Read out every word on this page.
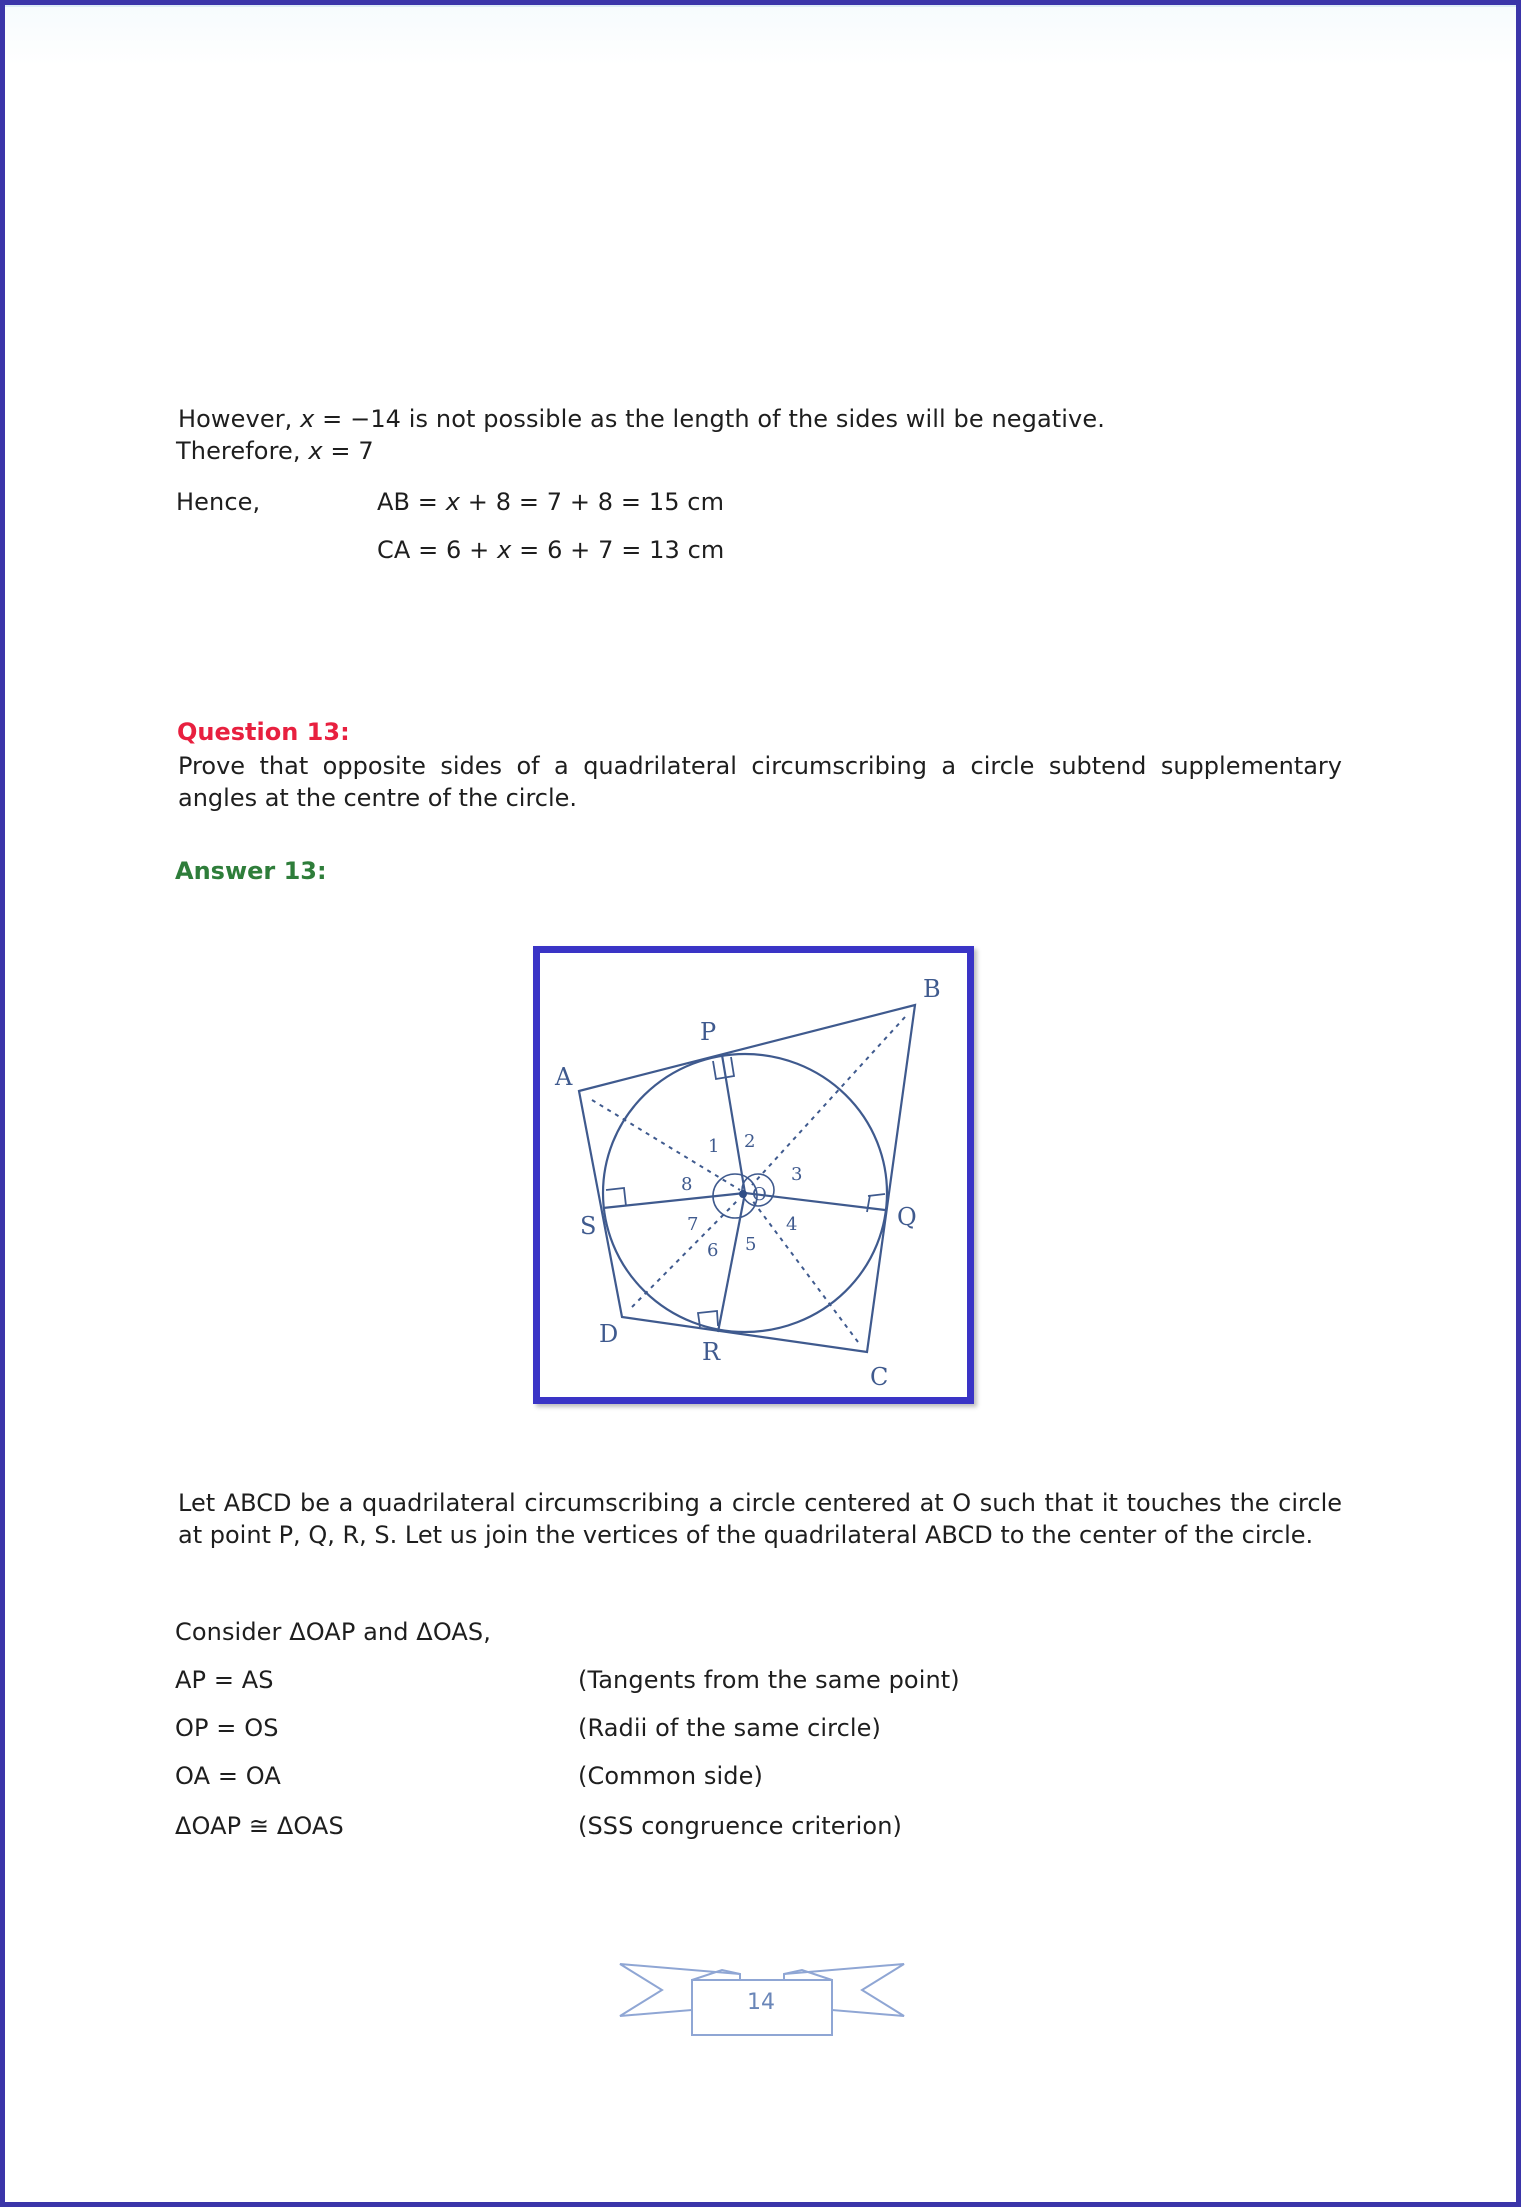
However, x = −14 is not possible as the length of the sides will be negative.
Therefore, x = 7
Hence,	AB = x + 8 = 7 + 8 = 15 cm
CA = 6 + x = 6 + 7 = 13 cm
Question 13:
Prove that opposite sides of a quadrilateral circumscribing a circle subtend supplementary angles at the centre of the circle.
Answer 13:
A
B
C
D
P
Q
R
S
1 2
3
4
5
6
7
8	O
Let ABCD be a quadrilateral circumscribing a circle centered at O such that it touches the circle at point P, Q, R, S. Let us join the vertices of the quadrilateral ABCD to the center of the circle.
Consider ΔOAP and ΔOAS,
AP = AS	(Tangents from the same point)
OP = OS	(Radii of the same circle)
OA = OA	(Common side)
ΔOAP ≅ ΔOAS	(SSS congruence criterion)
14
